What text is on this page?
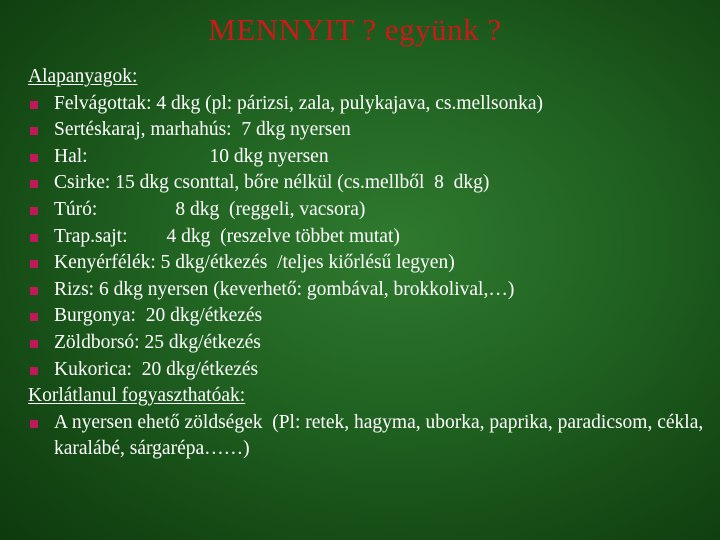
MENNYIT ? együnk ?
Alapanyagok:
Felvágottak: 4 dkg (pl: párizsi, zala, pulykajava, cs.mellsonka)
Sertéskaraj, marhahús:  7 dkg nyersen
Hal:                         10 dkg nyersen
Csirke: 15 dkg csonttal, bőre nélkül (cs.mellből  8  dkg)
Túró:                8 dkg  (reggeli, vacsora)
Trap.sajt:        4 dkg  (reszelve többet mutat)
Kenyérfélék: 5 dkg/étkezés  /teljes kiőrlésű legyen)
Rizs: 6 dkg nyersen (keverhető: gombával, brokkolival,…)
Burgonya:  20 dkg/étkezés
Zöldborsó: 25 dkg/étkezés
Kukorica:  20 dkg/étkezés
Korlátlanul fogyaszthatóak:
A nyersen ehető zöldségek  (Pl: retek, hagyma, uborka, paprika, paradicsom, cékla, karalábé, sárgarépa……)
